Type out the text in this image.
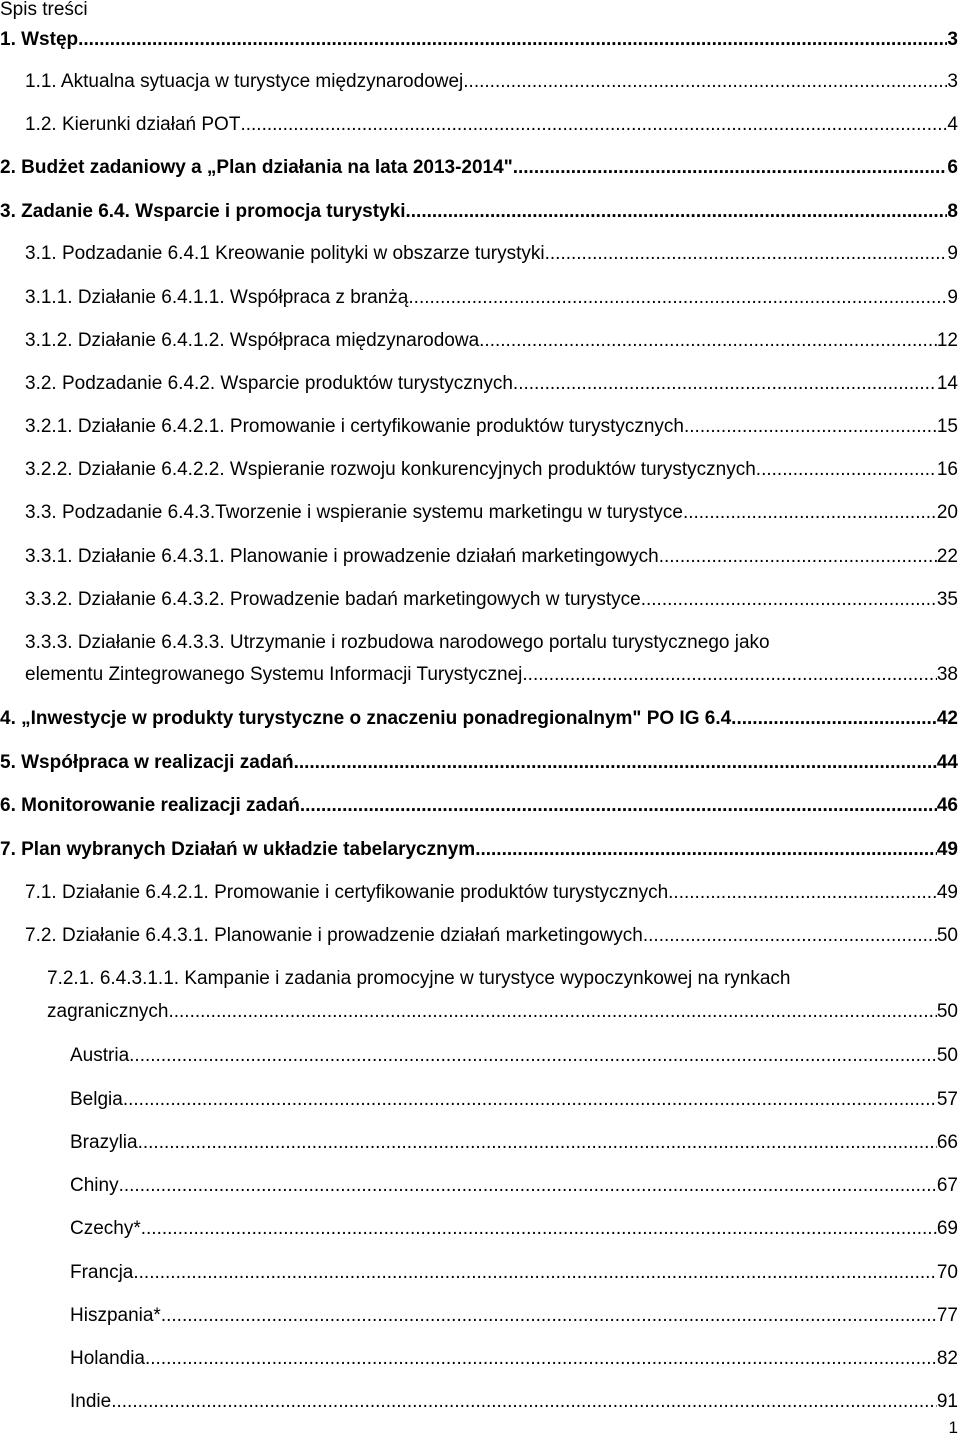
Spis treści
1. Wstęp .....	3
1.1. Aktualna sytuacja w turystyce międzynarodowej .....	3
1.2. Kierunki działań POT .....	4
2. Budżet zadaniowy a „Plan działania na lata 2013-2014" .....	6
3. Zadanie 6.4. Wsparcie i promocja turystyki .....	8
3.1. Podzadanie 6.4.1 Kreowanie polityki w obszarze turystyki .....	9
3.1.1. Działanie 6.4.1.1. Współpraca z branżą .....	9
3.1.2. Działanie 6.4.1.2. Współpraca międzynarodowa .....	12
3.2. Podzadanie 6.4.2. Wsparcie produktów turystycznych .....	14
3.2.1. Działanie 6.4.2.1. Promowanie i certyfikowanie produktów turystycznych .....	15
3.2.2. Działanie 6.4.2.2. Wspieranie rozwoju konkurencyjnych produktów turystycznych .....	16
3.3. Podzadanie 6.4.3.Tworzenie i wspieranie systemu marketingu w turystyce .....	20
3.3.1. Działanie 6.4.3.1. Planowanie i prowadzenie działań marketingowych .....	22
3.3.2. Działanie 6.4.3.2. Prowadzenie badań marketingowych w turystyce .....	35
3.3.3. Działanie 6.4.3.3. Utrzymanie i rozbudowa narodowego portalu turystycznego jako
elementu Zintegrowanego Systemu Informacji Turystycznej .....	38
4. „Inwestycje w produkty turystyczne o znaczeniu ponadregionalnym" PO IG 6.4. .....	42
5. Współpraca w realizacji zadań .....	44
6. Monitorowanie realizacji zadań .....	46
7. Plan wybranych Działań w układzie tabelarycznym .....	49
7.1. Działanie 6.4.2.1. Promowanie i certyfikowanie produktów turystycznych .....	49
7.2. Działanie 6.4.3.1. Planowanie i prowadzenie działań marketingowych .....	50
7.2.1. 6.4.3.1.1. Kampanie i zadania promocyjne w turystyce wypoczynkowej na rynkach
zagranicznych .....	50
Austria .....	50
Belgia .....	57
Brazylia .....	66
Chiny .....	67
Czechy* .....	69
Francja .....	70
Hiszpania* .....	77
Holandia .....	82
Indie .....	91
1
